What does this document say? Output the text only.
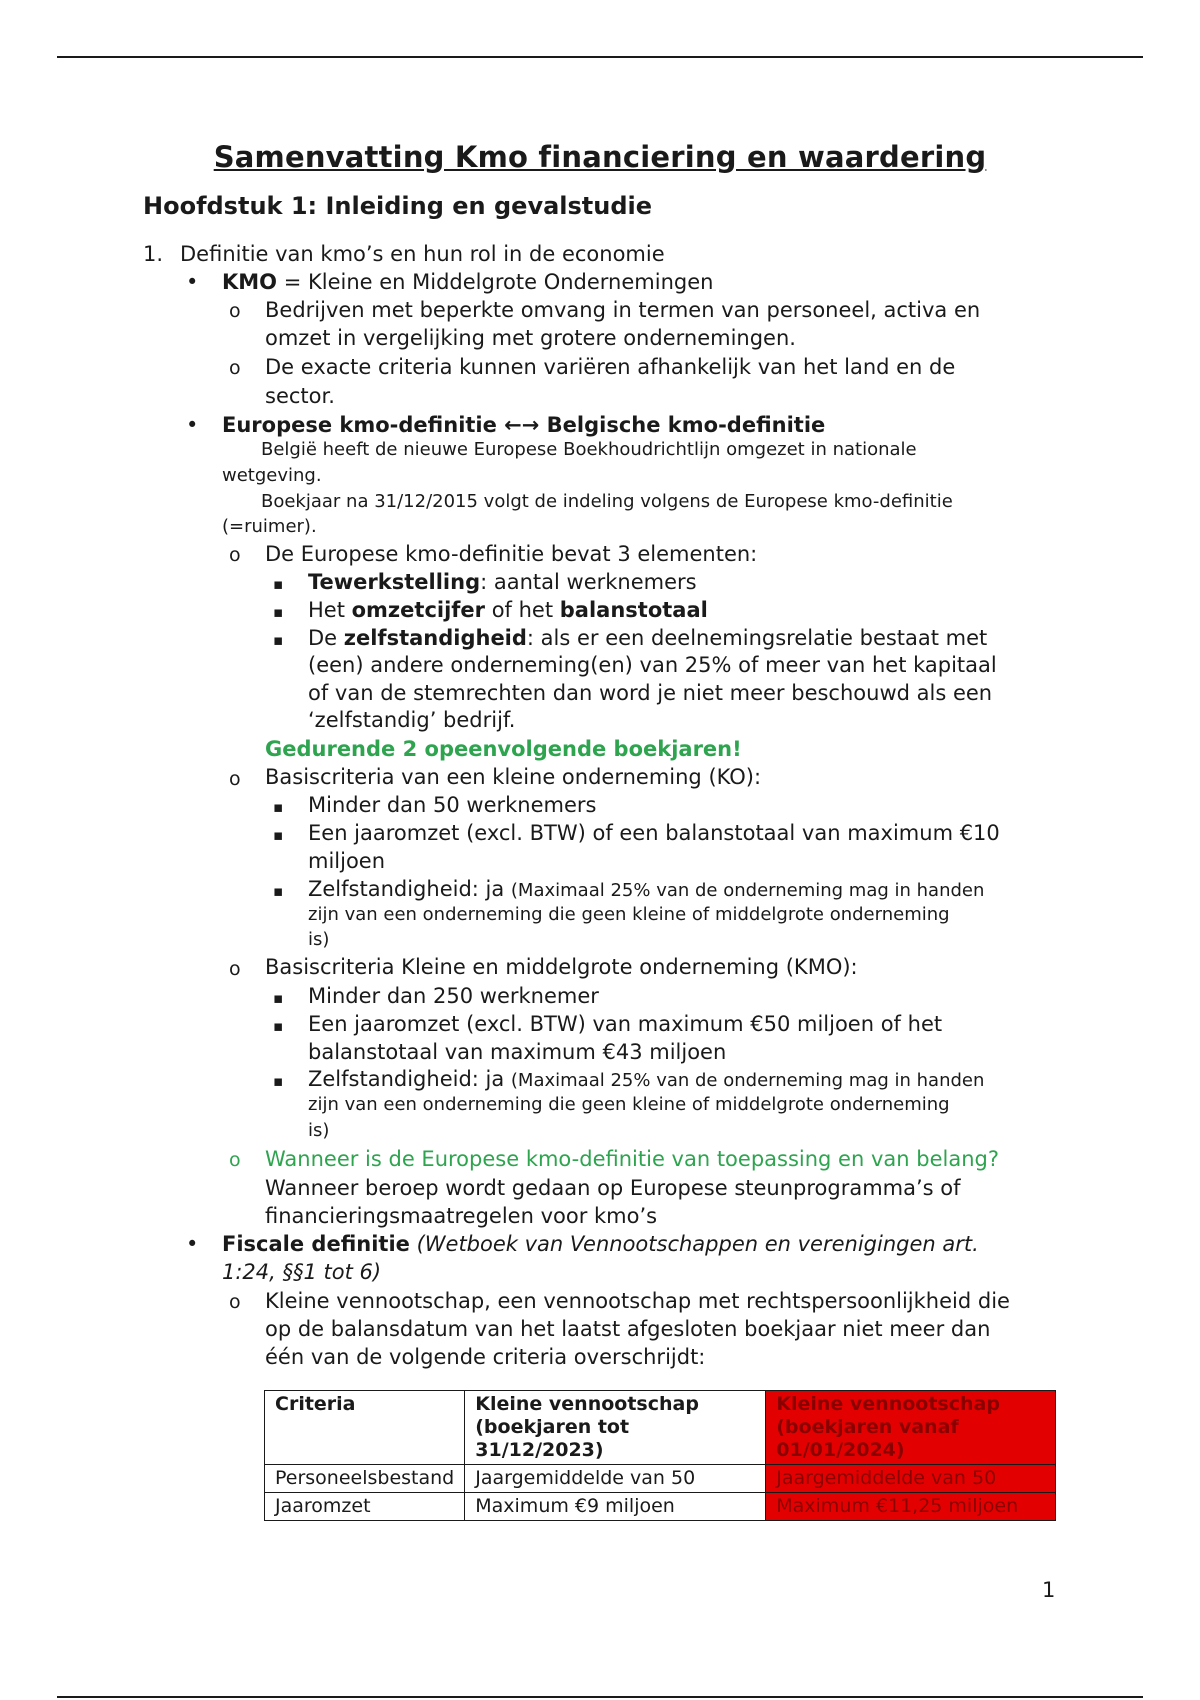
Samenvatting Kmo financiering en waardering
Hoofdstuk 1: Inleiding en gevalstudie
1. Definitie van kmo’s en hun rol in de economie
• KMO = Kleine en Middelgrote Ondernemingen
o Bedrijven met beperkte omvang in termen van personeel, activa en
omzet in vergelijking met grotere ondernemingen.
o De exacte criteria kunnen variëren afhankelijk van het land en de
sector.
• Europese kmo-definitie ←→ Belgische kmo-definitie
België heeft de nieuwe Europese Boekhoudrichtlijn omgezet in nationale
wetgeving.
Boekjaar na 31/12/2015 volgt de indeling volgens de Europese kmo-definitie
(=ruimer).
o De Europese kmo-definitie bevat 3 elementen:
▪ Tewerkstelling: aantal werknemers
▪ Het omzetcijfer of het balanstotaal
▪ De zelfstandigheid: als er een deelnemingsrelatie bestaat met
(een) andere onderneming(en) van 25% of meer van het kapitaal
of van de stemrechten dan word je niet meer beschouwd als een
‘zelfstandig’ bedrijf.
Gedurende 2 opeenvolgende boekjaren!
o Basiscriteria van een kleine onderneming (KO):
▪ Minder dan 50 werknemers
▪ Een jaaromzet (excl. BTW) of een balanstotaal van maximum €10
miljoen
▪ Zelfstandigheid: ja (Maximaal 25% van de onderneming mag in handen
zijn van een onderneming die geen kleine of middelgrote onderneming
is)
o Basiscriteria Kleine en middelgrote onderneming (KMO):
▪ Minder dan 250 werknemer
▪ Een jaaromzet (excl. BTW) van maximum €50 miljoen of het
balanstotaal van maximum €43 miljoen
▪ Zelfstandigheid: ja (Maximaal 25% van de onderneming mag in handen
zijn van een onderneming die geen kleine of middelgrote onderneming
is)
o Wanneer is de Europese kmo-definitie van toepassing en van belang?
Wanneer beroep wordt gedaan op Europese steunprogramma’s of
financieringsmaatregelen voor kmo’s
• Fiscale definitie (Wetboek van Vennootschappen en verenigingen art.
1:24, §§1 tot 6)
o Kleine vennootschap, een vennootschap met rechtspersoonlijkheid die
op de balansdatum van het laatst afgesloten boekjaar niet meer dan
één van de volgende criteria overschrijdt:
Criteria	Kleine vennootschap (boekjaren tot 31/12/2023)	Kleine vennootschap (boekjaren vanaf 01/01/2024)
Personeelsbestand	Jaargemiddelde van 50	Jaargemiddelde van 50
Jaaromzet	Maximum €9 miljoen	Maximum €11,25 miljoen
1
